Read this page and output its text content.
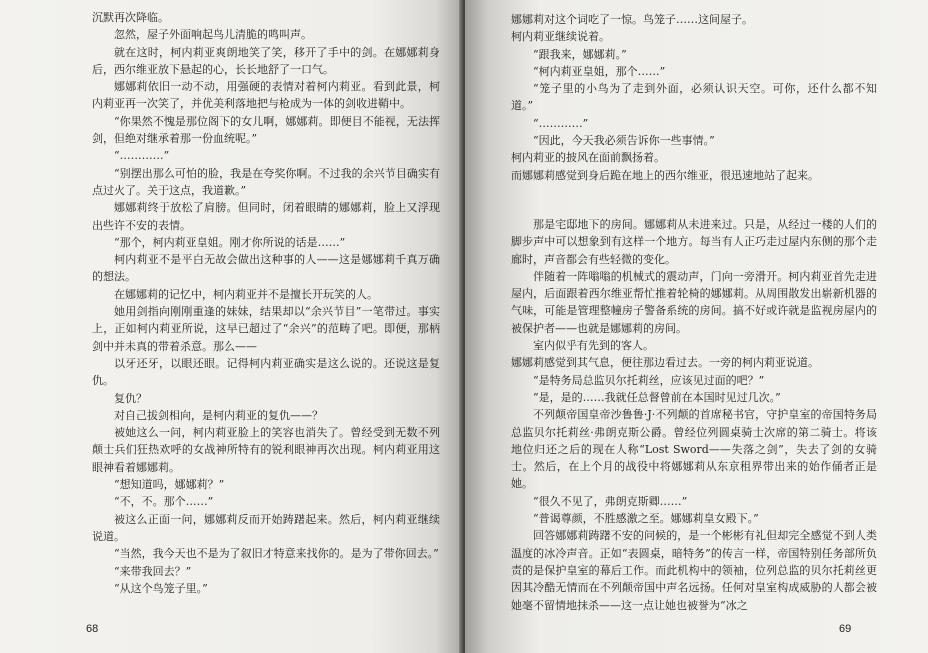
沉默再次降临。

忽然，屋子外面响起鸟儿清脆的鸣叫声。

就在这时，柯内莉亚爽朗地笑了笑，移开了手中的剑。在娜娜莉身后，西尔维亚放下悬起的心，长长地舒了一口气。

娜娜莉依旧一动不动，用强硬的表情对着柯内莉亚。看到此景，柯内莉亚再一次笑了，并优美利落地把与枪成为一体的剑收进鞘中。

“你果然不愧是那位阁下的女儿啊，娜娜莉。即便目不能视，无法挥剑，但绝对继承着那一份血统呢。”

“…………”

“别摆出那么可怕的脸，我是在夸奖你啊。不过我的余兴节目确实有点过火了。关于这点，我道歉。”

娜娜莉终于放松了肩膀。但同时，闭着眼睛的娜娜莉，脸上又浮现出些许不安的表情。

“那个，柯内莉亚皇姐。刚才你所说的话是……”

柯内莉亚不是平白无故会做出这种事的人——这是娜娜莉千真万确的想法。

在娜娜莉的记忆中，柯内莉亚并不是擅长开玩笑的人。

她用剑指向刚刚重逢的妹妹，结果却以“余兴节目”一笔带过。事实上，正如柯内莉亚所说，这早已超过了“余兴”的范畴了吧。即便，那柄剑中并未真的带着杀意。那么——

以牙还牙，以眼还眼。记得柯内莉亚确实是这么说的。还说这是复仇。

复仇？

对自己拔剑相向，是柯内莉亚的复仇——？

被她这么一问，柯内莉亚脸上的笑容也消失了。曾经受到无数不列颠士兵们狂热欢呼的女战神所特有的锐利眼神再次出现。柯内莉亚用这眼神看着娜娜莉。

“想知道吗，娜娜莉？”

“不，不。那个……”

被这么正面一问，娜娜莉反而开始踌躇起来。然后，柯内莉亚继续说道。

“当然，我今天也不是为了叙旧才特意来找你的。是为了带你回去。”

“来带我回去？”

“从这个鸟笼子里。”

68

娜娜莉对这个词吃了一惊。鸟笼子……这间屋子。

柯内莉亚继续说着。

“跟我来，娜娜莉。”

“柯内莉亚皇姐，那个……”

“笼子里的小鸟为了走到外面，必须认识天空。可你，还什么都不知道。”

“…………”

“因此，今天我必须告诉你一些事情。”

柯内莉亚的披风在面前飘扬着。

而娜娜莉感觉到身后跪在地上的西尔维亚，很迅速地站了起来。

那是宅邸地下的房间。娜娜莉从未进来过。只是，从经过一楼的人们的脚步声中可以想象到有这样一个地方。每当有人正巧走过屋内东侧的那个走廊时，声音都会有些轻微的变化。

伴随着一阵嗡嗡的机械式的震动声，门向一旁滑开。柯内莉亚首先走进屋内，后面跟着西尔维亚帮忙推着轮椅的娜娜莉。从周围散发出崭新机器的气味，可能是管理整幢房子警备系统的房间。搞不好或许就是监视房屋内的被保护者——也就是娜娜莉的房间。

室内似乎有先到的客人。

娜娜莉感觉到其气息，便往那边看过去。一旁的柯内莉亚说道。

“是特务局总监贝尔托莉丝，应该见过面的吧？”

“是，是的……我就任总督曾前在本国时见过几次。”

不列颠帝国皇帝沙鲁鲁·J·不列颠的首席秘书官，守护皇室的帝国特务局总监贝尔托莉丝·弗朗克斯公爵。曾经位列圆桌骑士次席的第二骑士。将该地位归还之后的现在人称“Lost Sword——失落之剑”，失去了剑的女骑士。然后，在上个月的战役中将娜娜莉从东京租界带出来的始作俑者正是她。

“很久不见了，弗朗克斯卿……”

“普谒尊颜，不胜感激之至。娜娜莉皇女殿下。”

回答娜娜莉踌躇不安的问候的，是一个彬彬有礼但却完全感觉不到人类温度的冰冷声音。正如“表圆桌，暗特务”的传言一样，帝国特别任务部所负责的是保护皇室的幕后工作。而此机构中的领袖，位列总监的贝尔托莉丝更因其冷酷无情而在不列颠帝国中声名远扬。任何对皇室构成威胁的人都会被她毫不留情地抹杀——这一点让她也被誉为“冰之

69
